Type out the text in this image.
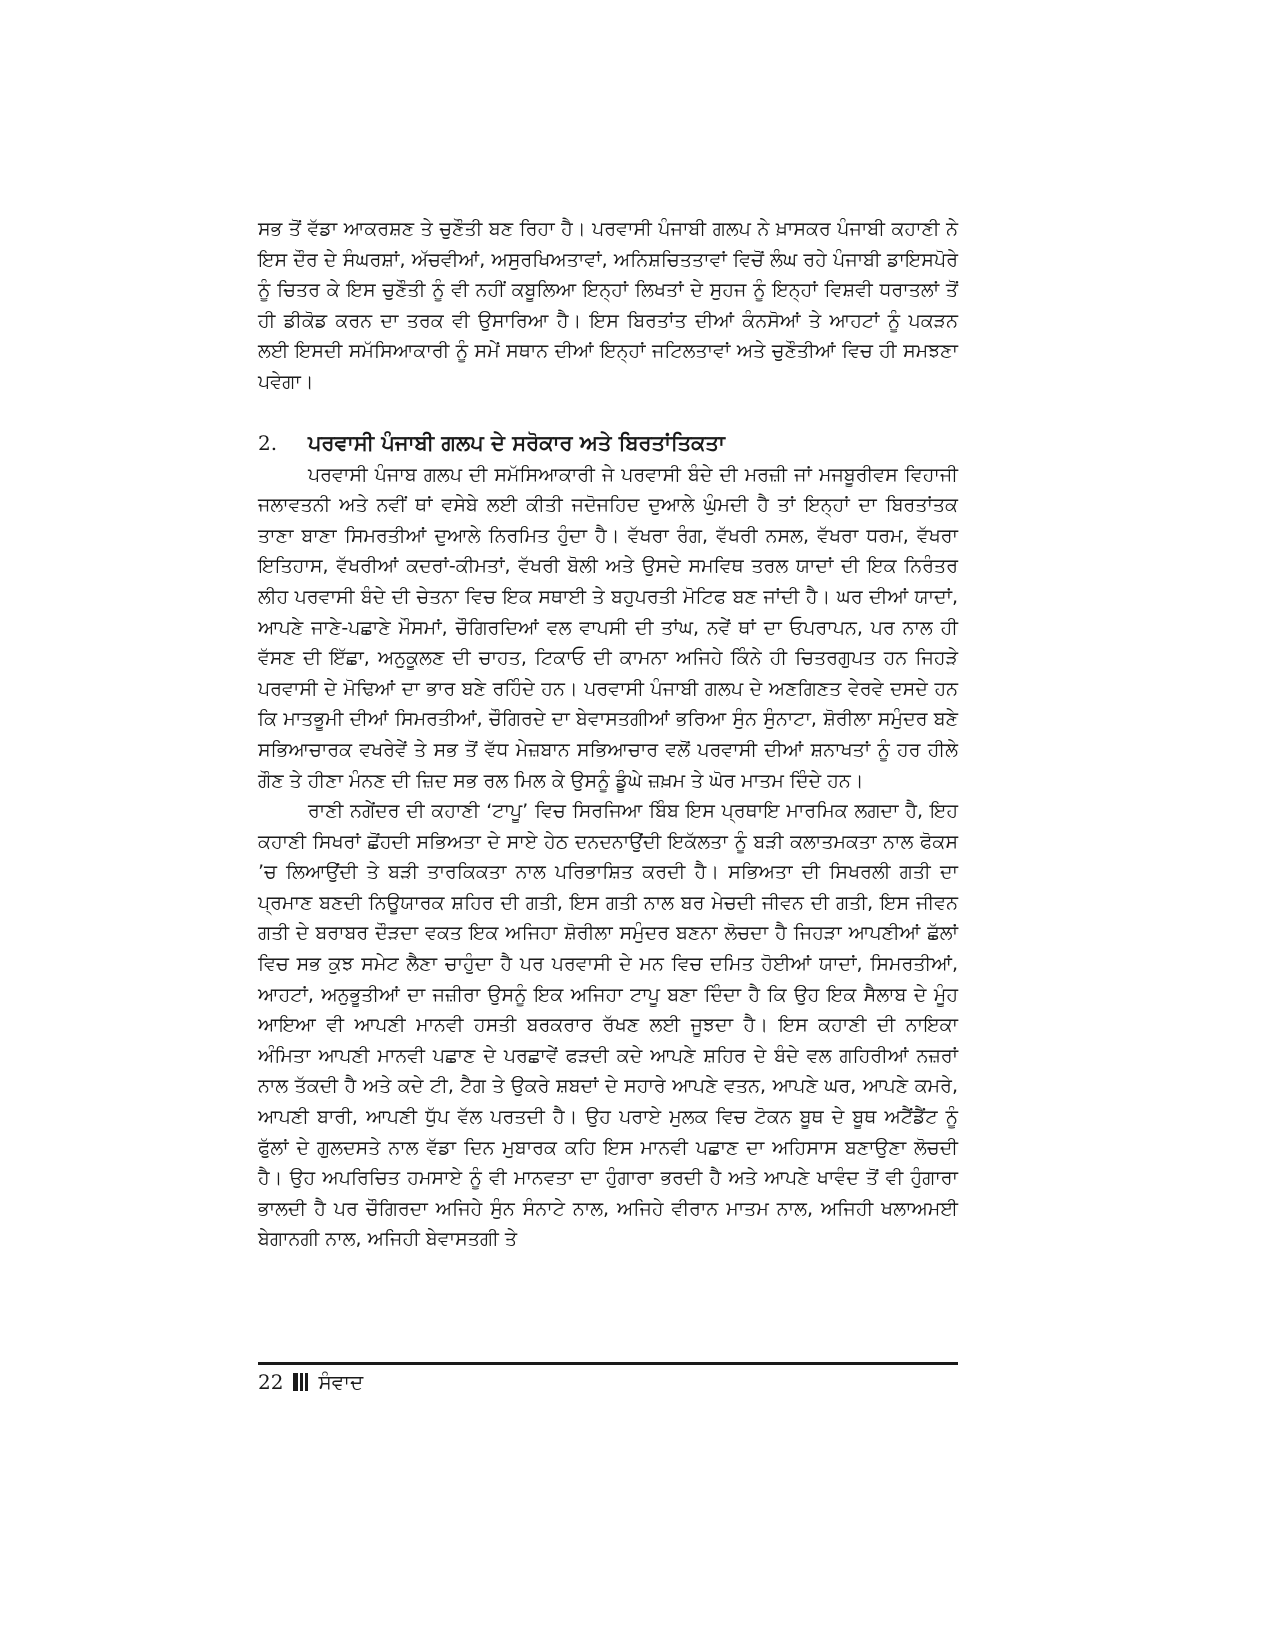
ਸਭ ਤੋਂ ਵੱਡਾ ਆਕਰਸ਼ਣ ਤੇ ਚੁਣੌਤੀ ਬਣ ਰਿਹਾ ਹੈ। ਪਰਵਾਸੀ ਪੰਜਾਬੀ ਗਲਪ ਨੇ ਖ਼ਾਸਕਰ ਪੰਜਾਬੀ ਕਹਾਣੀ ਨੇ ਇਸ ਦੌਰ ਦੇ ਸੰਘਰਸ਼ਾਂ, ਅੱਚਵੀਆਂ, ਅਸੁਰਖਿਅਤਾਵਾਂ, ਅਨਿਸ਼ਚਿਤਤਾਵਾਂ ਵਿਚੋਂ ਲੰਘ ਰਹੇ ਪੰਜਾਬੀ ਡਾਇਸਪੋਰੇ ਨੂੰ ਚਿਤਰ ਕੇ ਇਸ ਚੁਣੌਤੀ ਨੂੰ ਵੀ ਨਹੀਂ ਕਬੂਲਿਆ ਇਨ੍ਹਾਂ ਲਿਖਤਾਂ ਦੇ ਸੁਹਜ ਨੂੰ ਇਨ੍ਹਾਂ ਵਿਸ਼ਵੀ ਧਰਾਤਲਾਂ ਤੋਂ ਹੀ ਡੀਕੋਡ ਕਰਨ ਦਾ ਤਰਕ ਵੀ ਉਸਾਰਿਆ ਹੈ। ਇਸ ਬਿਰਤਾਂਤ ਦੀਆਂ ਕੰਨਸੋਆਂ ਤੇ ਆਹਟਾਂ ਨੂੰ ਪਕੜਨ ਲਈ ਇਸਦੀ ਸਮੱਸਿਆਕਾਰੀ ਨੂੰ ਸਮੇਂ ਸਥਾਨ ਦੀਆਂ ਇਨ੍ਹਾਂ ਜਟਿਲਤਾਵਾਂ ਅਤੇ ਚੁਣੌਤੀਆਂ ਵਿਚ ਹੀ ਸਮਝਣਾ ਪਵੇਗਾ।

2.	ਪਰਵਾਸੀ ਪੰਜਾਬੀ ਗਲਪ ਦੇ ਸਰੋਕਾਰ ਅਤੇ ਬਿਰਤਾਂਤਿਕਤਾ

ਪਰਵਾਸੀ ਪੰਜਾਬ ਗਲਪ ਦੀ ਸਮੱਸਿਆਕਾਰੀ ਜੇ ਪਰਵਾਸੀ ਬੰਦੇ ਦੀ ਮਰਜ਼ੀ ਜਾਂ ਮਜਬੂਰੀਵਸ ਵਿਹਾਜੀ ਜਲਾਵਤਨੀ ਅਤੇ ਨਵੀਂ ਥਾਂ ਵਸੇਬੇ ਲਈ ਕੀਤੀ ਜਦੋਜਹਿਦ ਦੁਆਲੇ ਘੁੰਮਦੀ ਹੈ ਤਾਂ ਇਨ੍ਹਾਂ ਦਾ ਬਿਰਤਾਂਤਕ ਤਾਣਾ ਬਾਣਾ ਸਿਮਰਤੀਆਂ ਦੁਆਲੇ ਨਿਰਮਿਤ ਹੁੰਦਾ ਹੈ। ਵੱਖਰਾ ਰੰਗ, ਵੱਖਰੀ ਨਸਲ, ਵੱਖਰਾ ਧਰਮ, ਵੱਖਰਾ ਇਤਿਹਾਸ, ਵੱਖਰੀਆਂ ਕਦਰਾਂ-ਕੀਮਤਾਂ, ਵੱਖਰੀ ਬੋਲੀ ਅਤੇ ਉਸਦੇ ਸਮਵਿਥ ਤਰਲ ਯਾਦਾਂ ਦੀ ਇਕ ਨਿਰੰਤਰ ਲੀਹ ਪਰਵਾਸੀ ਬੰਦੇ ਦੀ ਚੇਤਨਾ ਵਿਚ ਇਕ ਸਥਾਈ ਤੇ ਬਹੁਪਰਤੀ ਮੋਟਿਫ ਬਣ ਜਾਂਦੀ ਹੈ। ਘਰ ਦੀਆਂ ਯਾਦਾਂ, ਆਪਣੇ ਜਾਣੇ-ਪਛਾਣੇ ਮੌਸਮਾਂ, ਚੌਗਿਰਦਿਆਂ ਵਲ ਵਾਪਸੀ ਦੀ ਤਾਂਘ, ਨਵੇਂ ਥਾਂ ਦਾ ਓਪਰਾਪਨ, ਪਰ ਨਾਲ ਹੀ ਵੱਸਣ ਦੀ ਇੱਛਾ, ਅਨੁਕੂਲਣ ਦੀ ਚਾਹਤ, ਟਿਕਾਓ ਦੀ ਕਾਮਨਾ ਅਜਿਹੇ ਕਿੰਨੇ ਹੀ ਚਿਤਰਗੁਪਤ ਹਨ ਜਿਹੜੇ ਪਰਵਾਸੀ ਦੇ ਮੋਢਿਆਂ ਦਾ ਭਾਰ ਬਣੇ ਰਹਿੰਦੇ ਹਨ। ਪਰਵਾਸੀ ਪੰਜਾਬੀ ਗਲਪ ਦੇ ਅਣਗਿਣਤ ਵੇਰਵੇ ਦਸਦੇ ਹਨ ਕਿ ਮਾਤਭੂਮੀ ਦੀਆਂ ਸਿਮਰਤੀਆਂ, ਚੌਗਿਰਦੇ ਦਾ ਬੇਵਾਸਤਗੀਆਂ ਭਰਿਆ ਸੁੰਨ ਸੁੰਨਾਟਾ, ਸ਼ੋਰੀਲਾ ਸਮੁੰਦਰ ਬਣੇ ਸਭਿਆਚਾਰਕ ਵਖਰੇਵੇਂ ਤੇ ਸਭ ਤੋਂ ਵੱਧ ਮੇਜ਼ਬਾਨ ਸਭਿਆਚਾਰ ਵਲੋਂ ਪਰਵਾਸੀ ਦੀਆਂ ਸ਼ਨਾਖਤਾਂ ਨੂੰ ਹਰ ਹੀਲੇ ਗੌਣ ਤੇ ਹੀਣਾ ਮੰਨਣ ਦੀ ਜ਼ਿਦ ਸਭ ਰਲ ਮਿਲ ਕੇ ਉਸਨੂੰ ਡੂੰਘੇ ਜ਼ਖ਼ਮ ਤੇ ਘੋਰ ਮਾਤਮ ਦਿੰਦੇ ਹਨ।

ਰਾਣੀ ਨਗੇਂਦਰ ਦੀ ਕਹਾਣੀ ‘ਟਾਪੂ’ ਵਿਚ ਸਿਰਜਿਆ ਬਿੰਬ ਇਸ ਪ੍ਰਥਾਇ ਮਾਰਮਿਕ ਲਗਦਾ ਹੈ, ਇਹ ਕਹਾਣੀ ਸਿਖਰਾਂ ਛੋਂਹਦੀ ਸਭਿਅਤਾ ਦੇ ਸਾਏ ਹੇਠ ਦਨਦਨਾਉਂਦੀ ਇਕੱਲਤਾ ਨੂੰ ਬੜੀ ਕਲਾਤਮਕਤਾ ਨਾਲ ਫੋਕਸ ’ਚ ਲਿਆਉਂਦੀ ਤੇ ਬੜੀ ਤਾਰਕਿਕਤਾ ਨਾਲ ਪਰਿਭਾਸ਼ਿਤ ਕਰਦੀ ਹੈ। ਸਭਿਅਤਾ ਦੀ ਸਿਖਰਲੀ ਗਤੀ ਦਾ ਪ੍ਰਮਾਣ ਬਣਦੀ ਨਿਊਯਾਰਕ ਸ਼ਹਿਰ ਦੀ ਗਤੀ, ਇਸ ਗਤੀ ਨਾਲ ਬਰ ਮੇਚਦੀ ਜੀਵਨ ਦੀ ਗਤੀ, ਇਸ ਜੀਵਨ ਗਤੀ ਦੇ ਬਰਾਬਰ ਦੌੜਦਾ ਵਕਤ ਇਕ ਅਜਿਹਾ ਸ਼ੋਰੀਲਾ ਸਮੁੰਦਰ ਬਣਨਾ ਲੋਚਦਾ ਹੈ ਜਿਹੜਾ ਆਪਣੀਆਂ ਛੱਲਾਂ ਵਿਚ ਸਭ ਕੁਝ ਸਮੇਟ ਲੈਣਾ ਚਾਹੁੰਦਾ ਹੈ ਪਰ ਪਰਵਾਸੀ ਦੇ ਮਨ ਵਿਚ ਦਮਿਤ ਹੋਈਆਂ ਯਾਦਾਂ, ਸਿਮਰਤੀਆਂ, ਆਹਟਾਂ, ਅਨੁਭੂਤੀਆਂ ਦਾ ਜਜ਼ੀਰਾ ਉਸਨੂੰ ਇਕ ਅਜਿਹਾ ਟਾਪੂ ਬਣਾ ਦਿੰਦਾ ਹੈ ਕਿ ਉਹ ਇਕ ਸੈਲਾਬ ਦੇ ਮੂੰਹ ਆਇਆ ਵੀ ਆਪਣੀ ਮਾਨਵੀ ਹਸਤੀ ਬਰਕਰਾਰ ਰੱਖਣ ਲਈ ਜੂਝਦਾ ਹੈ। ਇਸ ਕਹਾਣੀ ਦੀ ਨਾਇਕਾ ਅੰਮਿਤਾ ਆਪਣੀ ਮਾਨਵੀ ਪਛਾਣ ਦੇ ਪਰਛਾਵੇਂ ਫੜਦੀ ਕਦੇ ਆਪਣੇ ਸ਼ਹਿਰ ਦੇ ਬੰਦੇ ਵਲ ਗਹਿਰੀਆਂ ਨਜ਼ਰਾਂ ਨਾਲ ਤੱਕਦੀ ਹੈ ਅਤੇ ਕਦੇ ਟੀ, ਟੈਗ ਤੇ ਉਕਰੇ ਸ਼ਬਦਾਂ ਦੇ ਸਹਾਰੇ ਆਪਣੇ ਵਤਨ, ਆਪਣੇ ਘਰ, ਆਪਣੇ ਕਮਰੇ, ਆਪਣੀ ਬਾਰੀ, ਆਪਣੀ ਧੁੱਪ ਵੱਲ ਪਰਤਦੀ ਹੈ। ਉਹ ਪਰਾਏ ਮੁਲਕ ਵਿਚ ਟੋਕਨ ਬੂਥ ਦੇ ਬੂਥ ਅਟੈਂਡੈਂਟ ਨੂੰ ਫੁੱਲਾਂ ਦੇ ਗੁਲਦਸਤੇ ਨਾਲ ਵੱਡਾ ਦਿਨ ਮੁਬਾਰਕ ਕਹਿ ਇਸ ਮਾਨਵੀ ਪਛਾਣ ਦਾ ਅਹਿਸਾਸ ਬਣਾਉਣਾ ਲੋਚਦੀ ਹੈ। ਉਹ ਅਪਰਿਚਿਤ ਹਮਸਾਏ ਨੂੰ ਵੀ ਮਾਨਵਤਾ ਦਾ ਹੁੰਗਾਰਾ ਭਰਦੀ ਹੈ ਅਤੇ ਆਪਣੇ ਖਾਵੰਦ ਤੋਂ ਵੀ ਹੁੰਗਾਰਾ ਭਾਲਦੀ ਹੈ ਪਰ ਚੌਗਿਰਦਾ ਅਜਿਹੇ ਸੁੰਨ ਸੰਨਾਟੇ ਨਾਲ, ਅਜਿਹੇ ਵੀਰਾਨ ਮਾਤਮ ਨਾਲ, ਅਜਿਹੀ ਖਲਾਅਮਈ ਬੇਗਾਨਗੀ ਨਾਲ, ਅਜਿਹੀ ਬੇਵਾਸਤਗੀ ਤੇ

22 ਸੰਵਾਦ
